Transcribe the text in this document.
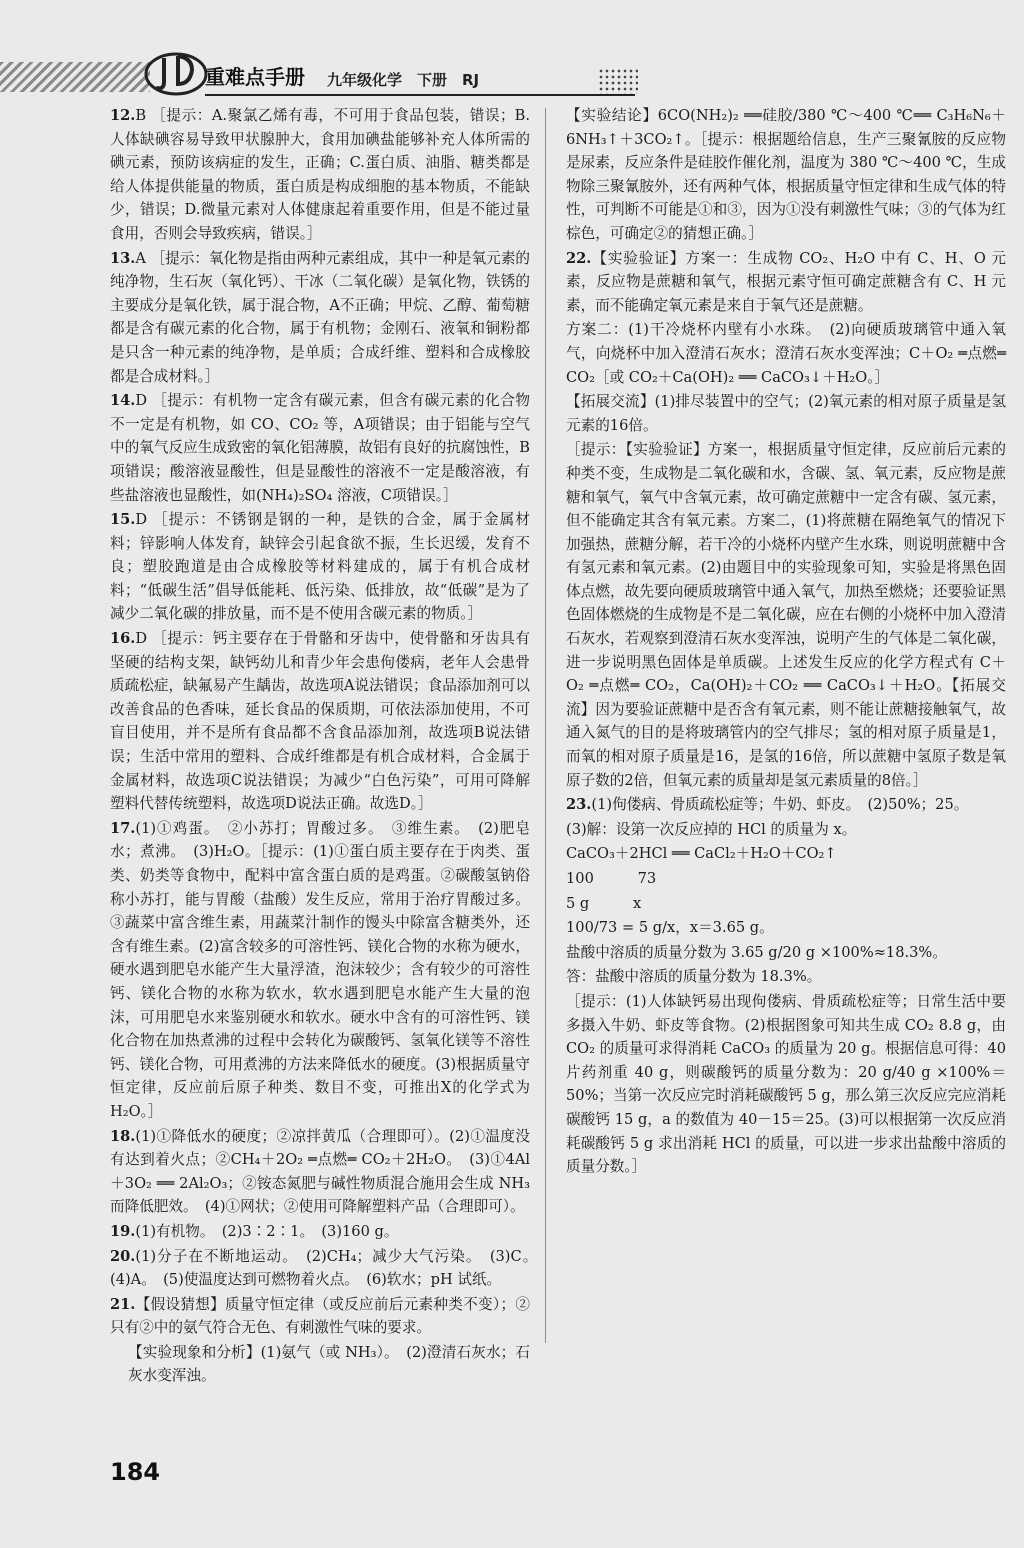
重难点手册 九年级化学　下册　RJ
12.B ［提示：A.聚氯乙烯有毒，不可用于食品包装，错误；B.人体缺碘容易导致甲状腺肿大，食用加碘盐能够补充人体所需的碘元素，预防该病症的发生，正确；C.蛋白质、油脂、糖类都是给人体提供能量的物质，蛋白质是构成细胞的基本物质，不能缺少，错误；D.微量元素对人体健康起着重要作用，但是不能过量食用，否则会导致疾病，错误。］
13.A ［提示：氧化物是指由两种元素组成，其中一种是氧元素的纯净物，生石灰（氧化钙）、干冰（二氧化碳）是氧化物，铁锈的主要成分是氧化铁，属于混合物，A不正确；甲烷、乙醇、葡萄糖都是含有碳元素的化合物，属于有机物；金刚石、液氧和铜粉都是只含一种元素的纯净物，是单质；合成纤维、塑料和合成橡胶都是合成材料。］
14.D ［提示：有机物一定含有碳元素，但含有碳元素的化合物不一定是有机物，如 CO、CO₂ 等，A项错误；由于铝能与空气中的氧气反应生成致密的氧化铝薄膜，故铝有良好的抗腐蚀性，B项错误；酸溶液显酸性，但是显酸性的溶液不一定是酸溶液，有些盐溶液也显酸性，如(NH₄)₂SO₄ 溶液，C项错误。］
15.D ［提示：不锈钢是钢的一种，是铁的合金，属于金属材料；锌影响人体发育，缺锌会引起食欲不振，生长迟缓，发育不良；塑胶跑道是由合成橡胶等材料建成的，属于有机合成材料；“低碳生活”倡导低能耗、低污染、低排放，故“低碳”是为了减少二氧化碳的排放量，而不是不使用含碳元素的物质。］
16.D ［提示：钙主要存在于骨骼和牙齿中，使骨骼和牙齿具有坚硬的结构支架，缺钙幼儿和青少年会患佝偻病，老年人会患骨质疏松症，缺氟易产生龋齿，故选项A说法错误；食品添加剂可以改善食品的色香味，延长食品的保质期，可依法添加使用，不可盲目使用，并不是所有食品都不含食品添加剂，故选项B说法错误；生活中常用的塑料、合成纤维都是有机合成材料，合金属于金属材料，故选项C说法错误；为减少“白色污染”，可用可降解塑料代替传统塑料，故选项D说法正确。故选D。］
17.(1)①鸡蛋。　②小苏打；胃酸过多。　③维生素。　(2)肥皂水；煮沸。　(3)H₂O。［提示：(1)①蛋白质主要存在于肉类、蛋类、奶类等食物中，配料中富含蛋白质的是鸡蛋。②碳酸氢钠俗称小苏打，能与胃酸（盐酸）发生反应，常用于治疗胃酸过多。③蔬菜中富含维生素，用蔬菜汁制作的馒头中除富含糖类外，还含有维生素。(2)富含较多的可溶性钙、镁化合物的水称为硬水，硬水遇到肥皂水能产生大量浮渣，泡沫较少；含有较少的可溶性钙、镁化合物的水称为软水，软水遇到肥皂水能产生大量的泡沫，可用肥皂水来鉴别硬水和软水。硬水中含有的可溶性钙、镁化合物在加热煮沸的过程中会转化为碳酸钙、氢氧化镁等不溶性钙、镁化合物，可用煮沸的方法来降低水的硬度。(3)根据质量守恒定律，反应前后原子种类、数目不变，可推出X的化学式为 H₂O。］
18.(1)①降低水的硬度；②凉拌黄瓜（合理即可）。(2)①温度没有达到着火点；②CH₄＋2O₂ ═点燃═ CO₂＋2H₂O。　(3)①4Al＋3O₂ ══ 2Al₂O₃；②铵态氮肥与碱性物质混合施用会生成 NH₃ 而降低肥效。　(4)①网状；②使用可降解塑料产品（合理即可）。
19.(1)有机物。　(2)3∶2∶1。　(3)160 g。
20.(1)分子在不断地运动。　(2)CH₄；减少大气污染。　(3)C。　(4)A。　(5)使温度达到可燃物着火点。　(6)软水；pH 试纸。
21.【假设猜想】质量守恒定律（或反应前后元素种类不变）；②只有②中的氨气符合无色、有刺激性气味的要求。
【实验现象和分析】(1)氨气（或 NH₃）。　(2)澄清石灰水；石灰水变浑浊。
【实验结论】6CO(NH₂)₂ ══硅胶/380 ℃～400 ℃══ C₃H₆N₆＋6NH₃↑＋3CO₂↑。［提示：根据题给信息，生产三聚氰胺的反应物是尿素，反应条件是硅胶作催化剂，温度为 380 ℃～400 ℃，生成物除三聚氰胺外，还有两种气体，根据质量守恒定律和生成气体的特性，可判断不可能是①和③，因为①没有刺激性气味；③的气体为红棕色，可确定②的猜想正确。］
22.【实验验证】方案一：生成物 CO₂、H₂O 中有 C、H、O 元素，反应物是蔗糖和氧气，根据元素守恒可确定蔗糖含有 C、H 元素，而不能确定氧元素是来自于氧气还是蔗糖。
方案二：(1)干冷烧杯内壁有小水珠。　(2)向硬质玻璃管中通入氧气，向烧杯中加入澄清石灰水；澄清石灰水变浑浊；C＋O₂ ═点燃═ CO₂［或 CO₂＋Ca(OH)₂ ══ CaCO₃↓＋H₂O。］
【拓展交流】(1)排尽装置中的空气；(2)氧元素的相对原子质量是氢元素的16倍。
［提示：【实验验证】方案一，根据质量守恒定律，反应前后元素的种类不变，生成物是二氧化碳和水，含碳、氢、氧元素，反应物是蔗糖和氧气，氧气中含氧元素，故可确定蔗糖中一定含有碳、氢元素，但不能确定其含有氧元素。方案二，(1)将蔗糖在隔绝氧气的情况下加强热，蔗糖分解，若干冷的小烧杯内壁产生水珠，则说明蔗糖中含有氢元素和氧元素。(2)由题目中的实验现象可知，实验是将黑色固体点燃，故先要向硬质玻璃管中通入氧气，加热至燃烧；还要验证黑色固体燃烧的生成物是不是二氧化碳，应在右侧的小烧杯中加入澄清石灰水，若观察到澄清石灰水变浑浊，说明产生的气体是二氧化碳，进一步说明黑色固体是单质碳。上述发生反应的化学方程式有 C＋O₂ ═点燃═ CO₂，Ca(OH)₂＋CO₂ ══ CaCO₃↓＋H₂O。【拓展交流】因为要验证蔗糖中是否含有氧元素，则不能让蔗糖接触氧气，故通入氮气的目的是将玻璃管内的空气排尽；氢的相对原子质量是1，而氧的相对原子质量是16，是氢的16倍，所以蔗糖中氢原子数是氧原子数的2倍，但氧元素的质量却是氢元素质量的8倍。］
23.(1)佝偻病、骨质疏松症等；牛奶、虾皮。　(2)50%；25。
(3)解：设第一次反应掉的 HCl 的质量为 x。
CaCO₃＋2HCl ══ CaCl₂＋H₂O＋CO₂↑
100　　　73
5 g　　　x
100/73 = 5 g/x，x＝3.65 g。
盐酸中溶质的质量分数为 3.65 g/20 g ×100%≈18.3%。
答：盐酸中溶质的质量分数为 18.3%。
［提示：(1)人体缺钙易出现佝偻病、骨质疏松症等；日常生活中要多摄入牛奶、虾皮等食物。(2)根据图象可知共生成 CO₂ 8.8 g，由 CO₂ 的质量可求得消耗 CaCO₃ 的质量为 20 g。根据信息可得：40片药剂重 40 g，则碳酸钙的质量分数为：20 g/40 g ×100%＝50%；当第一次反应完时消耗碳酸钙 5 g，那么第三次反应完应消耗碳酸钙 15 g，a 的数值为 40－15＝25。(3)可以根据第一次反应消耗碳酸钙 5 g 求出消耗 HCl 的质量，可以进一步求出盐酸中溶质的质量分数。］
184
